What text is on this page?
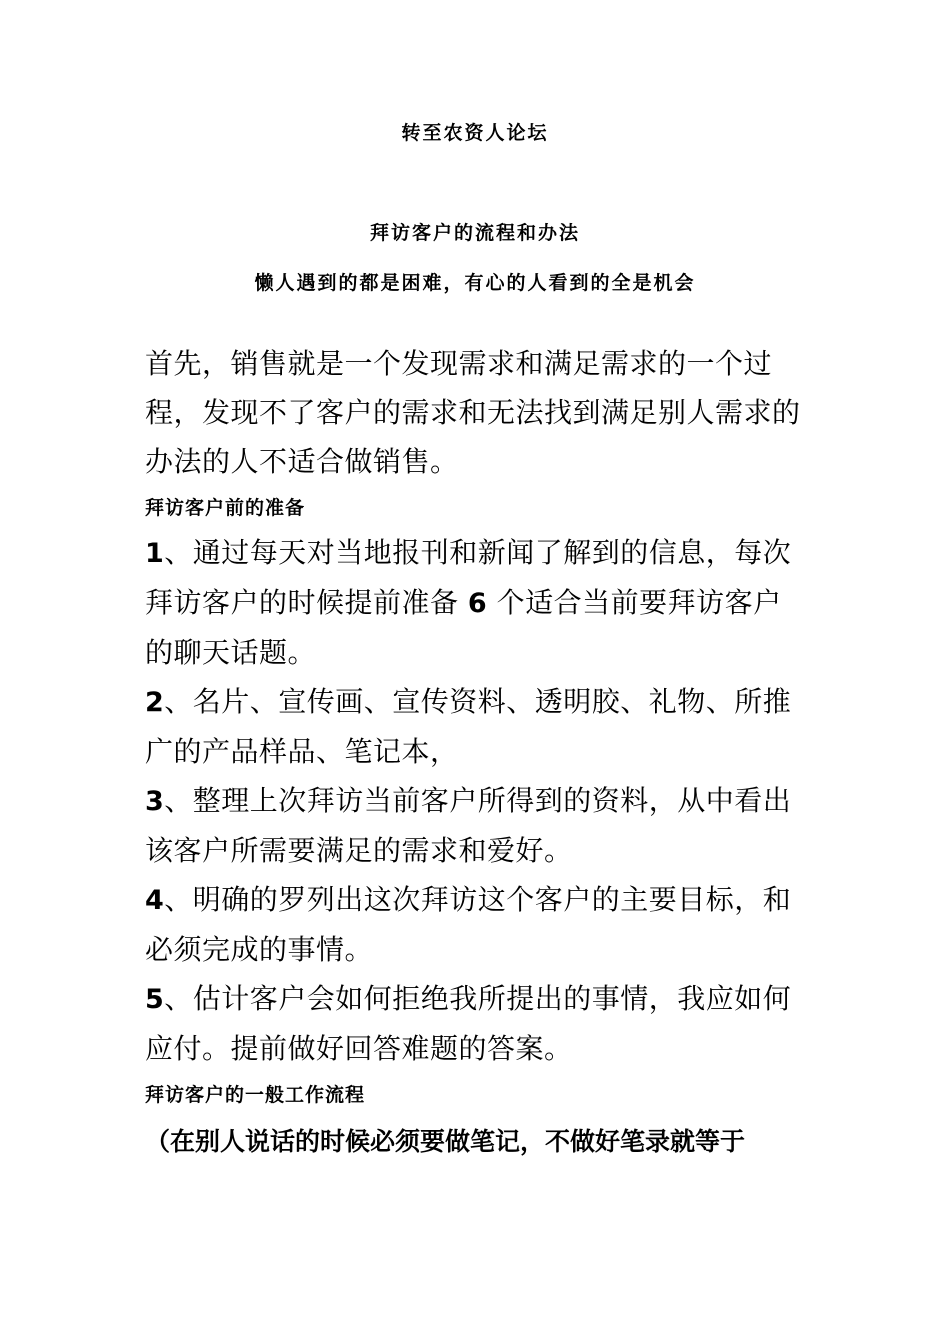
转至农资人论坛
拜访客户的流程和办法
懒人遇到的都是困难，有心的人看到的全是机会

首先，销售就是一个发现需求和满足需求的一个过程，发现不了客户的需求和无法找到满足别人需求的办法的人不适合做销售。

拜访客户前的准备

1、通过每天对当地报刊和新闻了解到的信息，每次拜访客户的时候提前准备 6 个适合当前要拜访客户的聊天话题。

2、名片、宣传画、宣传资料、透明胶、礼物、所推广的产品样品、笔记本，

3、整理上次拜访当前客户所得到的资料，从中看出该客户所需要满足的需求和爱好。

4、明确的罗列出这次拜访这个客户的主要目标，和必须完成的事情。

5、估计客户会如何拒绝我所提出的事情，我应如何应付。提前做好回答难题的答案。

拜访客户的一般工作流程

（在别人说话的时候必须要做笔记，不做好笔录就等于
